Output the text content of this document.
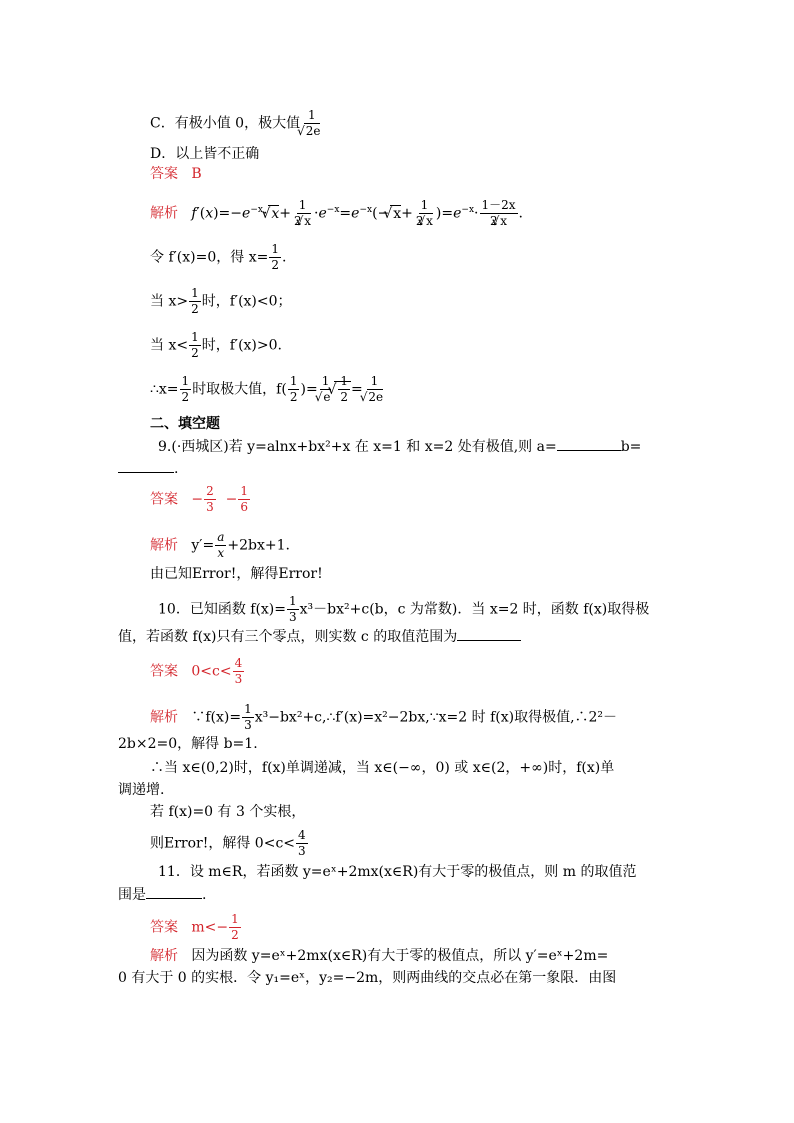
C．有极小值 0，极大值 1
√ 2e
D．以上皆不正确
答案 B
解析 $f'(x)=-e^{-x}\cdot√$ $x+ \frac{1}{2√ x} \cdot e^{-x}=e^{-x}(-√$ $x+ \frac{1}{2√ x} )=e^{-x}\cdot \frac{1-2x}{2√ x}$ .
令 f′(x)=0，得 $x= \frac{1}{2}$ .
当 $x> \frac{1}{2}$ 时，f′(x)<0；
当 $x< \frac{1}{2}$ 时，f′(x)>0.
∴x= $\frac{1}{2}$ 时取极大值，$f( \frac{1}{2}$ )= 1
√ e
√ $\frac{1}{2} = 1$
√ 2e
二、填空题
9.(·西城区)若 y=alnx+bx²+x 在 x=1 和 x=2 处有极值,则 a=	b=
.
答案   − $\frac{2}{3} - \frac{1}{6}$
解析 $y'= \frac{a}{x} +2bx+1$.
由已知Error!，解得Error!
10．已知函数 $f(x)= \frac{1}{3} x^3-bx^2+c(b$，c 为常数)．当 x=2 时，函数 f(x)取得极
值，若函数 f(x)只有三个零点，则实数 c 的取值范围为
答案 $0<c< \frac{4}{3}$
解析 ∵f(x)= $\frac{1}{3}$ x³−bx²+c,∴f′(x)=x²−2bx,∵x=2 时 f(x)取得极值,∴2²－
2b×2=0，解得 b=1.
∴当 x∈(0,2)时，f(x)单调递减，当 x∈(−∞，0) 或 x∈(2，+∞)时，f(x)单
调递增.
若 f(x)=0 有 3 个实根，
则Error!，解得 $0<c< \frac{4}{3}$
11．设 m∈R，若函数 y=eˣ+2mx(x∈R)有大于零的极值点，则 m 的取值范
围是	.
答案 $m<- \frac{1}{2}$
解析 因为函数 y=eˣ+2mx(x∈R)有大于零的极值点，所以 y′=eˣ+2m=
0 有大于 0 的实根．令 y₁=eˣ，y₂=−2m，则两曲线的交点必在第一象限．由图
